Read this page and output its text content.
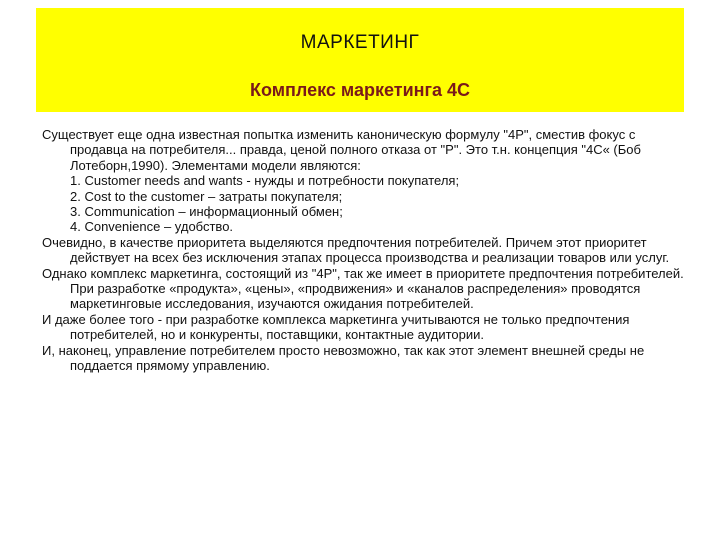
МАРКЕТИНГ
Комплекс маркетинга 4С

Существует еще одна известная попытка изменить каноническую формулу "4Р", сместив фокус с продавца на потребителя... правда, ценой полного отказа от "Р". Это т.н. концепция "4С« (Боб Лотеборн,1990). Элементами модели являются:

1. Customer needs and wants - нужды и потребности покупателя;
2. Cost to the customer – затраты покупателя;
3. Communication – информационный обмен;
4. Convenience – удобство.

Очевидно, в качестве приоритета выделяются предпочтения потребителей. Причем этот приоритет действует на всех без исключения этапах процесса производства и реализации товаров или услуг.

Однако комплекс маркетинга, состоящий из "4Р", так же имеет в приоритете предпочтения потребителей. При разработке «продукта», «цены», «продвижения» и «каналов распределения» проводятся маркетинговые исследования, изучаются ожидания потребителей.

И даже более того - при разработке комплекса маркетинга учитываются не только предпочтения потребителей, но и конкуренты, поставщики, контактные аудитории.

И, наконец, управление потребителем просто невозможно, так как этот элемент внешней среды не поддается прямому управлению.
